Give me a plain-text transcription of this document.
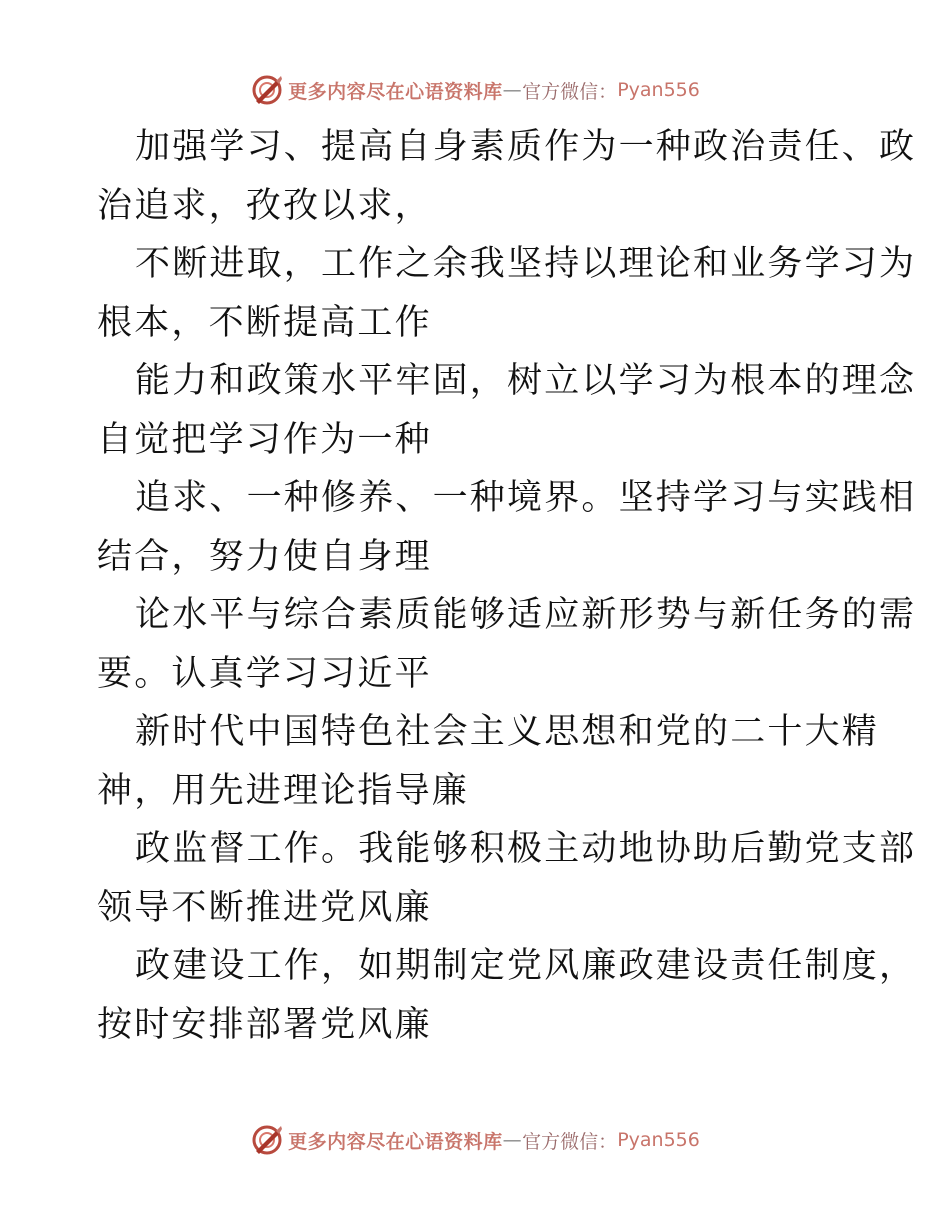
更多内容尽在心语资料库 — 官方微信： Pyan556
加强学习、提高自身素质作为一种政治责任、政
治追求，孜孜以求，
不断进取，工作之余我坚持以理论和业务学习为
根本，不断提高工作
能力和政策水平牢固，树立以学习为根本的理念
自觉把学习作为一种
追求、一种修养、一种境界。坚持学习与实践相
结合，努力使自身理
论水平与综合素质能够适应新形势与新任务的需
要。认真学习习近平
新时代中国特色社会主义思想和党的二十大精
神，用先进理论指导廉
政监督工作。我能够积极主动地协助后勤党支部
领导不断推进党风廉
政建设工作，如期制定党风廉政建设责任制度，
按时安排部署党风廉
更多内容尽在心语资料库 — 官方微信： Pyan556
